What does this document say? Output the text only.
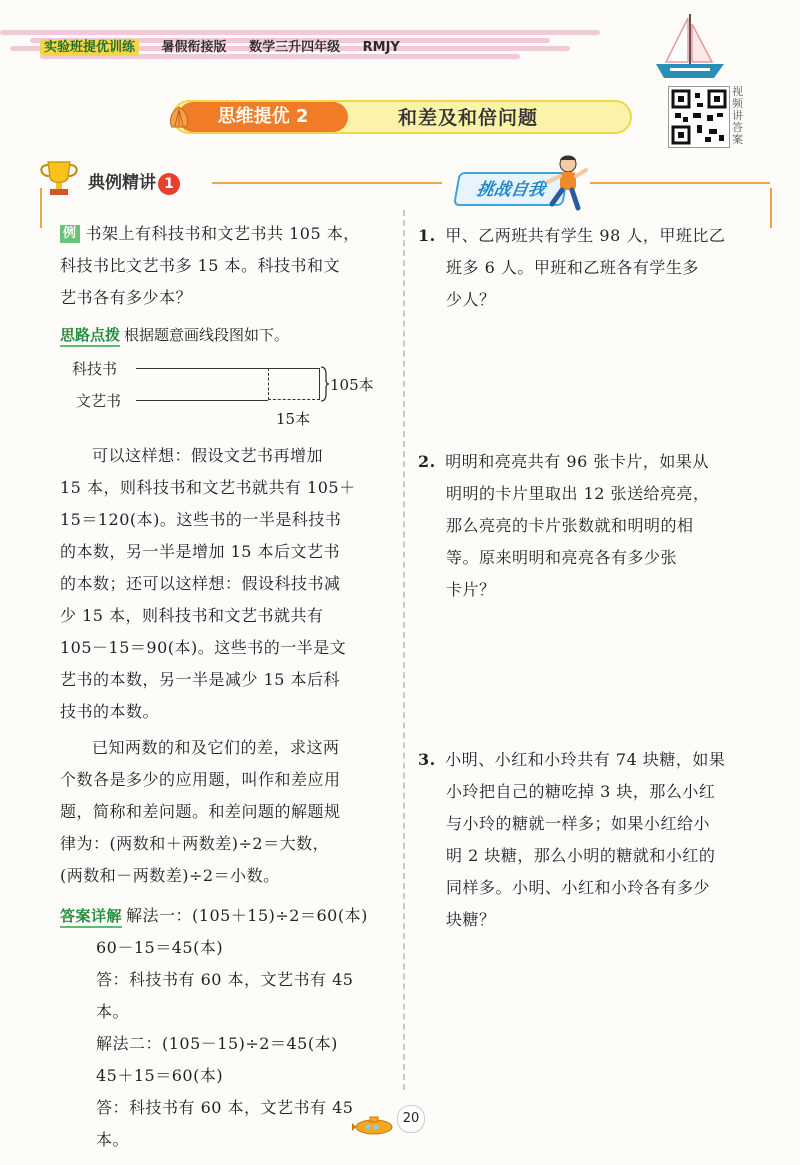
实验班提优训练 暑假衔接版 数学三升四年级 RMJY
思维提优 2	和差及和倍问题
视频讲答案
典例精讲 1	挑战自我
例 书架上有科技书和文艺书共 105 本，
科技书比文艺书多 15 本。科技书和文
艺书各有多少本？
思路点拨 根据题意画线段图如下。
科技书
文艺书
105本
15本
可以这样想：假设文艺书再增加
15 本，则科技书和文艺书就共有 105＋
15＝120(本)。这些书的一半是科技书
的本数，另一半是增加 15 本后文艺书
的本数；还可以这样想：假设科技书减
少 15 本，则科技书和文艺书就共有
105－15＝90(本)。这些书的一半是文
艺书的本数，另一半是减少 15 本后科
技书的本数。
已知两数的和及它们的差，求这两
个数各是多少的应用题，叫作和差应用
题，简称和差问题。和差问题的解题规
律为：(两数和＋两数差)÷2＝大数，
(两数和－两数差)÷2＝小数。
答案详解 解法一：(105＋15)÷2＝60(本)
60－15＝45(本)
答：科技书有 60 本，文艺书有 45 本。
解法二：(105－15)÷2＝45(本)
45＋15＝60(本)
答：科技书有 60 本，文艺书有 45 本。
1. 甲、乙两班共有学生 98 人，甲班比乙
班多 6 人。甲班和乙班各有学生多
少人？
2. 明明和亮亮共有 96 张卡片，如果从
明明的卡片里取出 12 张送给亮亮，
那么亮亮的卡片张数就和明明的相
等。原来明明和亮亮各有多少张
卡片？
3. 小明、小红和小玲共有 74 块糖，如果
小玲把自己的糖吃掉 3 块，那么小红
与小玲的糖就一样多；如果小红给小
明 2 块糖，那么小明的糖就和小红的
同样多。小明、小红和小玲各有多少
块糖？
20
